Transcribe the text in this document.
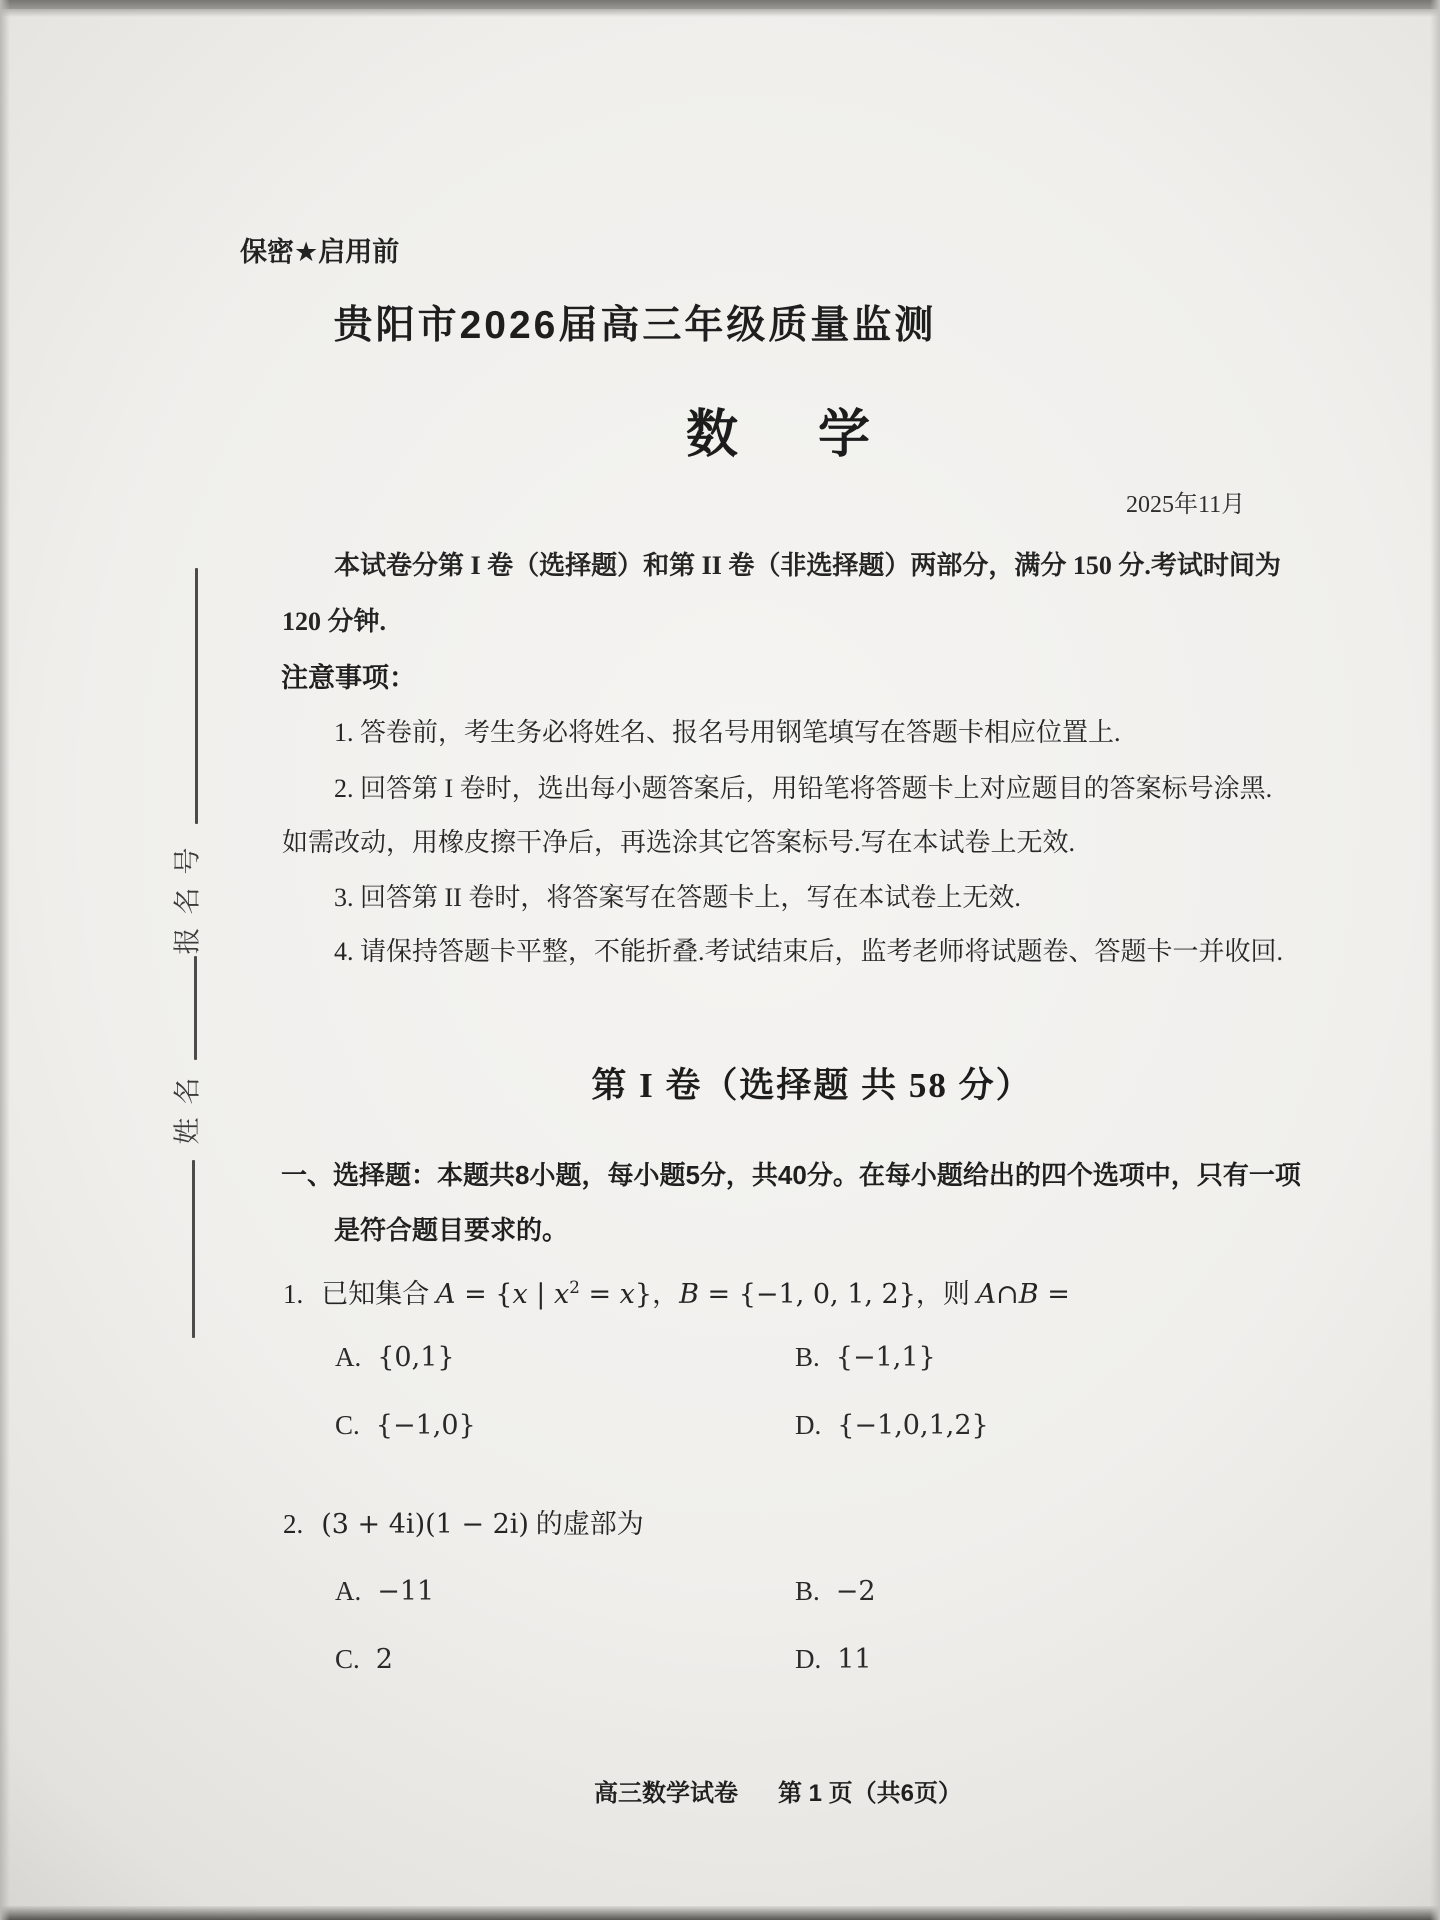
报名号
姓名
保密★启用前
贵阳市2026届高三年级质量监测
数　学
2025年11月
本试卷分第 I 卷（选择题）和第 II 卷（非选择题）两部分，满分 150 分.考试时间为
120 分钟.
注意事项：
1. 答卷前，考生务必将姓名、报名号用钢笔填写在答题卡相应位置上.
2. 回答第 I 卷时，选出每小题答案后，用铅笔将答题卡上对应题目的答案标号涂黑.
如需改动，用橡皮擦干净后，再选涂其它答案标号.写在本试卷上无效.
3. 回答第 II 卷时，将答案写在答题卡上，写在本试卷上无效.
4. 请保持答题卡平整，不能折叠.考试结束后，监考老师将试题卷、答题卡一并收回.
第 I 卷（选择题 共 58 分）
一、选择题：本题共8小题，每小题5分，共40分。在每小题给出的四个选项中，只有一项
是符合题目要求的。
1. 已知集合 A = {x | $x^2 = x$}，B = {−1, 0, 1, 2}，则 A∩B =
A. {0,1}	B. {−1,1}
C. {−1,0}	D. {−1,0,1,2}
2. (3 + 4i)(1 − 2i) 的虚部为
A. −11	B. −2
C. 2	D. 11
高三数学试卷 第 1 页（共6页）
